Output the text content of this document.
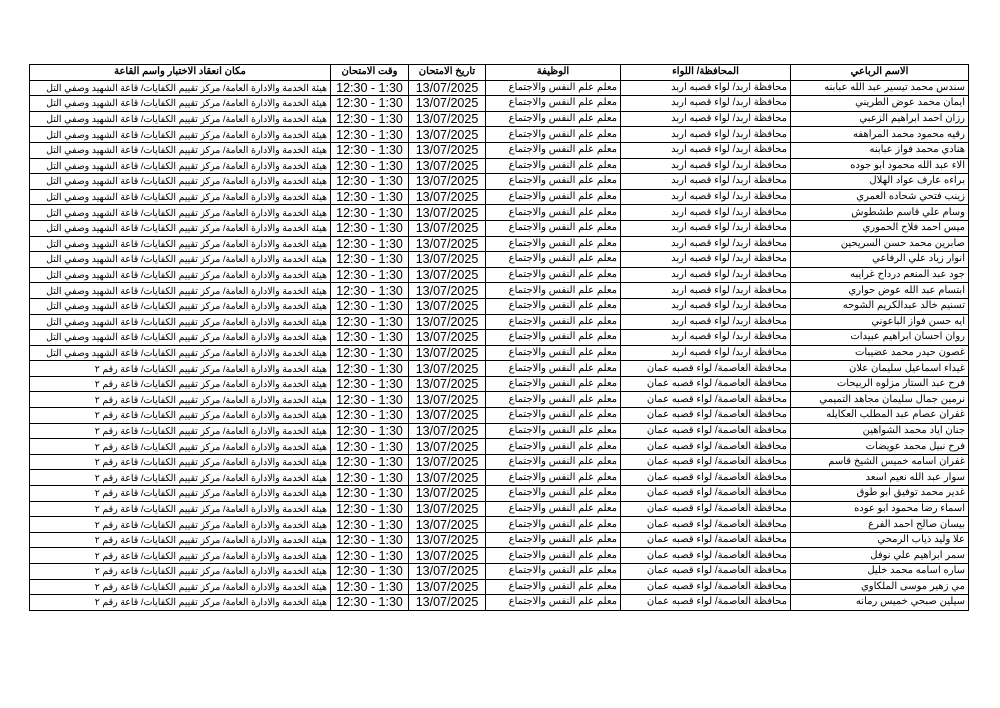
الاسم الرباعي	المحافظة/ اللواء	الوظيفة	تاريخ الامتحان	وقت الامتحان	مكان انعقاد الاختبار واسم القاعة
سندس محمد تيسير عبد الله عبابنه	محافظة اربد/ لواء قصبه اربد	معلم علم النفس والاجتماع	13/07/2025	12:30 - 1:30	هيئة الخدمة والادارة العامة/ مركز تقييم الكفايات/ قاعة الشهيد وصفي التل
ايمان محمد عوض الطريني	محافظة اربد/ لواء قصبه اربد	معلم علم النفس والاجتماع	13/07/2025	12:30 - 1:30	هيئة الخدمة والادارة العامة/ مركز تقييم الكفايات/ قاعة الشهيد وصفي التل
رزان احمد ابراهيم الزعبي	محافظة اربد/ لواء قصبه اربد	معلم علم النفس والاجتماع	13/07/2025	12:30 - 1:30	هيئة الخدمة والادارة العامة/ مركز تقييم الكفايات/ قاعة الشهيد وصفي التل
رقيه محمود محمد المراهفه	محافظة اربد/ لواء قصبه اربد	معلم علم النفس والاجتماع	13/07/2025	12:30 - 1:30	هيئة الخدمة والادارة العامة/ مركز تقييم الكفايات/ قاعة الشهيد وصفي التل
هنادي محمد فواز عبابنه	محافظة اربد/ لواء قصبه اربد	معلم علم النفس والاجتماع	13/07/2025	12:30 - 1:30	هيئة الخدمة والادارة العامة/ مركز تقييم الكفايات/ قاعة الشهيد وصفي التل
الاء عبد الله محمود ابو جوده	محافظة اربد/ لواء قصبه اربد	معلم علم النفس والاجتماع	13/07/2025	12:30 - 1:30	هيئة الخدمة والادارة العامة/ مركز تقييم الكفايات/ قاعة الشهيد وصفي التل
براءه عارف عواد الهلال	محافظة اربد/ لواء قصبه اربد	معلم علم النفس والاجتماع	13/07/2025	12:30 - 1:30	هيئة الخدمة والادارة العامة/ مركز تقييم الكفايات/ قاعة الشهيد وصفي التل
زينب فتحي شحاده العمري	محافظة اربد/ لواء قصبه اربد	معلم علم النفس والاجتماع	13/07/2025	12:30 - 1:30	هيئة الخدمة والادارة العامة/ مركز تقييم الكفايات/ قاعة الشهيد وصفي التل
وسام علي قاسم طشطوش	محافظة اربد/ لواء قصبه اربد	معلم علم النفس والاجتماع	13/07/2025	12:30 - 1:30	هيئة الخدمة والادارة العامة/ مركز تقييم الكفايات/ قاعة الشهيد وصفي التل
ميس احمد فلاح الحموري	محافظة اربد/ لواء قصبه اربد	معلم علم النفس والاجتماع	13/07/2025	12:30 - 1:30	هيئة الخدمة والادارة العامة/ مركز تقييم الكفايات/ قاعة الشهيد وصفي التل
صابرين محمد حسن السريحين	محافظة اربد/ لواء قصبه اربد	معلم علم النفس والاجتماع	13/07/2025	12:30 - 1:30	هيئة الخدمة والادارة العامة/ مركز تقييم الكفايات/ قاعة الشهيد وصفي التل
انوار زياد علي الرفاعي	محافظة اربد/ لواء قصبه اربد	معلم علم النفس والاجتماع	13/07/2025	12:30 - 1:30	هيئة الخدمة والادارة العامة/ مركز تقييم الكفايات/ قاعة الشهيد وصفي التل
جود عبد المنعم درداح غرايبه	محافظة اربد/ لواء قصبه اربد	معلم علم النفس والاجتماع	13/07/2025	12:30 - 1:30	هيئة الخدمة والادارة العامة/ مركز تقييم الكفايات/ قاعة الشهيد وصفي التل
ابتسام عبد الله عوض حواري	محافظة اربد/ لواء قصبه اربد	معلم علم النفس والاجتماع	13/07/2025	12:30 - 1:30	هيئة الخدمة والادارة العامة/ مركز تقييم الكفايات/ قاعة الشهيد وصفي التل
تسنيم خالد عبدالكريم الشوحه	محافظة اربد/ لواء قصبه اربد	معلم علم النفس والاجتماع	13/07/2025	12:30 - 1:30	هيئة الخدمة والادارة العامة/ مركز تقييم الكفايات/ قاعة الشهيد وصفي التل
ايه حسن فواز الباعوني	محافظة اربد/ لواء قصبه اربد	معلم علم النفس والاجتماع	13/07/2025	12:30 - 1:30	هيئة الخدمة والادارة العامة/ مركز تقييم الكفايات/ قاعة الشهيد وصفي التل
روان احسان ابراهيم عبيدات	محافظة اربد/ لواء قصبه اربد	معلم علم النفس والاجتماع	13/07/2025	12:30 - 1:30	هيئة الخدمة والادارة العامة/ مركز تقييم الكفايات/ قاعة الشهيد وصفي التل
غصون حيدر محمد عضيبات	محافظة اربد/ لواء قصبه اربد	معلم علم النفس والاجتماع	13/07/2025	12:30 - 1:30	هيئة الخدمة والادارة العامة/ مركز تقييم الكفايات/ قاعة الشهيد وصفي التل
غيداء اسماعيل سليمان علان	محافظة العاصمة/ لواء قصبه عمان	معلم علم النفس والاجتماع	13/07/2025	12:30 - 1:30	هيئة الخدمة والادارة العامة/ مركز تقييم الكفايات/ قاعة رقم ٢
فرح عبد الستار مزلوه الربيحات	محافظة العاصمة/ لواء قصبه عمان	معلم علم النفس والاجتماع	13/07/2025	12:30 - 1:30	هيئة الخدمة والادارة العامة/ مركز تقييم الكفايات/ قاعة رقم ٢
نرمين جمال سليمان مجاهد التميمي	محافظة العاصمة/ لواء قصبه عمان	معلم علم النفس والاجتماع	13/07/2025	12:30 - 1:30	هيئة الخدمة والادارة العامة/ مركز تقييم الكفايات/ قاعة رقم ٢
غفران عصام عبد المطلب العكايله	محافظة العاصمة/ لواء قصبه عمان	معلم علم النفس والاجتماع	13/07/2025	12:30 - 1:30	هيئة الخدمة والادارة العامة/ مركز تقييم الكفايات/ قاعة رقم ٢
جنان اياد محمد الشواهين	محافظة العاصمة/ لواء قصبه عمان	معلم علم النفس والاجتماع	13/07/2025	12:30 - 1:30	هيئة الخدمة والادارة العامة/ مركز تقييم الكفايات/ قاعة رقم ٢
فرح نبيل محمد عويضات	محافظة العاصمة/ لواء قصبه عمان	معلم علم النفس والاجتماع	13/07/2025	12:30 - 1:30	هيئة الخدمة والادارة العامة/ مركز تقييم الكفايات/ قاعة رقم ٢
غفران اسامه خميس الشيخ قاسم	محافظة العاصمة/ لواء قصبه عمان	معلم علم النفس والاجتماع	13/07/2025	12:30 - 1:30	هيئة الخدمة والادارة العامة/ مركز تقييم الكفايات/ قاعة رقم ٢
سوار عبد الله نعيم اسعد	محافظة العاصمة/ لواء قصبه عمان	معلم علم النفس والاجتماع	13/07/2025	12:30 - 1:30	هيئة الخدمة والادارة العامة/ مركز تقييم الكفايات/ قاعة رقم ٢
غدير محمد توفيق ابو طوق	محافظة العاصمة/ لواء قصبه عمان	معلم علم النفس والاجتماع	13/07/2025	12:30 - 1:30	هيئة الخدمة والادارة العامة/ مركز تقييم الكفايات/ قاعة رقم ٢
اسماء رضا محمود ابو عوده	محافظة العاصمة/ لواء قصبه عمان	معلم علم النفس والاجتماع	13/07/2025	12:30 - 1:30	هيئة الخدمة والادارة العامة/ مركز تقييم الكفايات/ قاعة رقم ٢
بيسان صالح احمد الفرع	محافظة العاصمة/ لواء قصبه عمان	معلم علم النفس والاجتماع	13/07/2025	12:30 - 1:30	هيئة الخدمة والادارة العامة/ مركز تقييم الكفايات/ قاعة رقم ٢
علا وليد ذياب الرمحي	محافظة العاصمة/ لواء قصبه عمان	معلم علم النفس والاجتماع	13/07/2025	12:30 - 1:30	هيئة الخدمة والادارة العامة/ مركز تقييم الكفايات/ قاعة رقم ٢
سمر ابراهيم علي نوفل	محافظة العاصمة/ لواء قصبه عمان	معلم علم النفس والاجتماع	13/07/2025	12:30 - 1:30	هيئة الخدمة والادارة العامة/ مركز تقييم الكفايات/ قاعة رقم ٢
ساره اسامه محمد خليل	محافظة العاصمة/ لواء قصبه عمان	معلم علم النفس والاجتماع	13/07/2025	12:30 - 1:30	هيئة الخدمة والادارة العامة/ مركز تقييم الكفايات/ قاعة رقم ٢
مي زهير موسى الملكاوي	محافظة العاصمة/ لواء قصبه عمان	معلم علم النفس والاجتماع	13/07/2025	12:30 - 1:30	هيئة الخدمة والادارة العامة/ مركز تقييم الكفايات/ قاعة رقم ٢
سيلين صبحي خميس رمانه	محافظة العاصمة/ لواء قصبه عمان	معلم علم النفس والاجتماع	13/07/2025	12:30 - 1:30	هيئة الخدمة والادارة العامة/ مركز تقييم الكفايات/ قاعة رقم ٢
